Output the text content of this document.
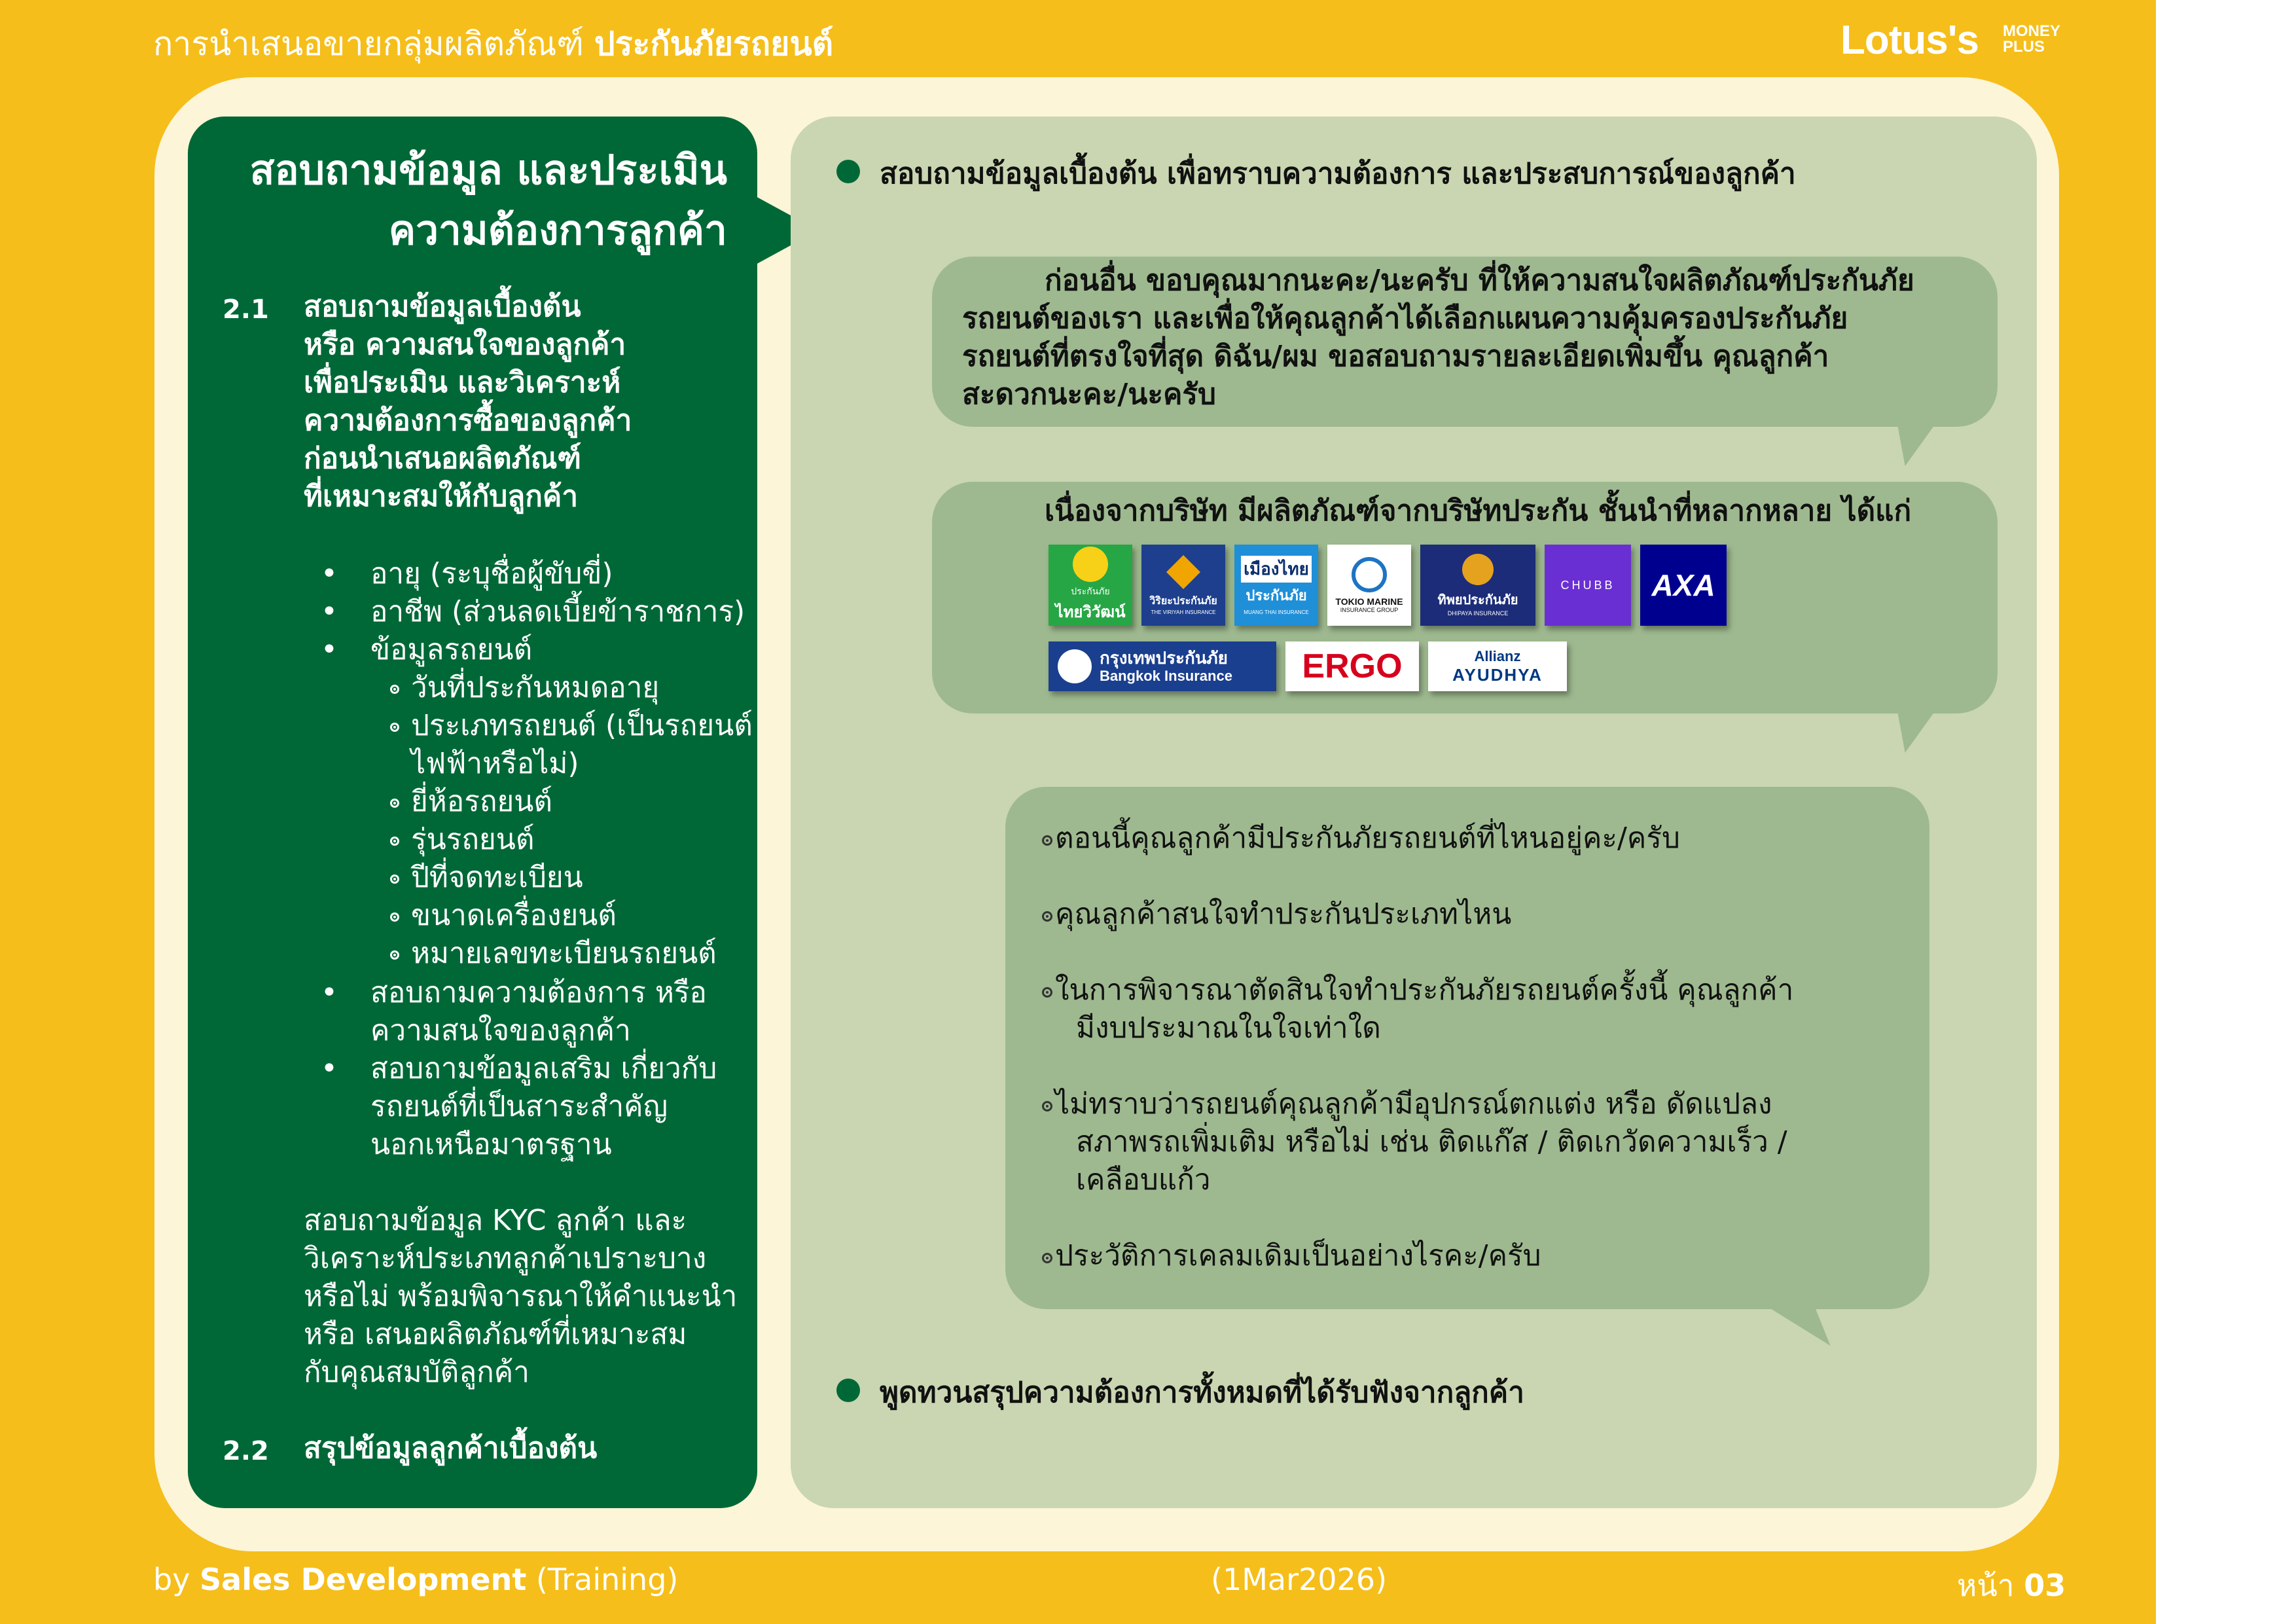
การนำเสนอขายกลุ่มผลิตภัณฑ์ ประกันภัยรถยนต์	Lotus's MONEY
PLUS
สอบถามข้อมูล และประเมิน
ความต้องการลูกค้า
2.1 สอบถามข้อมูลเบื้องต้น
หรือ ความสนใจของลูกค้า
เพื่อประเมิน และวิเคราะห์
ความต้องการซื้อของลูกค้า
ก่อนนำเสนอผลิตภัณฑ์
ที่เหมาะสมให้กับลูกค้า
• อายุ (ระบุชื่อผู้ขับขี่)
• อาชีพ (ส่วนลดเบี้ยข้าราชการ)
• ข้อมูลรถยนต์
วันที่ประกันหมดอายุ
ประเภทรถยนต์ (เป็นรถยนต์
ไฟฟ้าหรือไม่)
ยี่ห้อรถยนต์
รุ่นรถยนต์
ปีที่จดทะเบียน
ขนาดเครื่องยนต์
หมายเลขทะเบียนรถยนต์
• สอบถามความต้องการ หรือ
ความสนใจของลูกค้า
• สอบถามข้อมูลเสริม เกี่ยวกับ
รถยนต์ที่เป็นสาระสำคัญ
นอกเหนือมาตรฐาน
สอบถามข้อมูล KYC ลูกค้า และ
วิเคราะห์ประเภทลูกค้าเปราะบาง
หรือไม่ พร้อมพิจารณาให้คำแนะนำ
หรือ เสนอผลิตภัณฑ์ที่เหมาะสม
กับคุณสมบัติลูกค้า
2.2 สรุปข้อมูลลูกค้าเบื้องต้น
สอบถามข้อมูลเบื้องต้น เพื่อทราบความต้องการ และประสบการณ์ของลูกค้า
ก่อนอื่น ขอบคุณมากนะคะ/นะครับ ที่ให้ความสนใจผลิตภัณฑ์ประกันภัย
รถยนต์ของเรา และเพื่อให้คุณลูกค้าได้เลือกแผนความคุ้มครองประกันภัย
รถยนต์ที่ตรงใจที่สุด ดิฉัน/ผม ขอสอบถามรายละเอียดเพิ่มขึ้น คุณลูกค้า
สะดวกนะคะ/นะครับ
เนื่องจากบริษัท มีผลิตภัณฑ์จากบริษัทประกัน ชั้นนำที่หลากหลาย ได้แก่
ประกันภัย
ไทยวิวัฒน์
วิริยะประกันภัย
THE VIRIYAH INSURANCE
เมืองไทย
ประกันภัย
MUANG THAI INSURANCE
TOKIO MARINE
INSURANCE GROUP
ทิพยประกันภัย
DHIPAYA INSURANCE
CHUBB AXA
กรุงเทพประกันภัย
Bangkok Insurance ERGO	Allianz
AYUDHYA
ตอนนี้คุณลูกค้ามีประกันภัยรถยนต์ที่ไหนอยู่คะ/ครับ
คุณลูกค้าสนใจทำประกันประเภทไหน
ในการพิจารณาตัดสินใจทำประกันภัยรถยนต์ครั้งนี้ คุณลูกค้า
มีงบประมาณในใจเท่าใด
ไม่ทราบว่ารถยนต์คุณลูกค้ามีอุปกรณ์ตกแต่ง หรือ ดัดแปลง
สภาพรถเพิ่มเติม หรือไม่ เช่น ติดแก๊ส / ติดเกวัดความเร็ว /
เคลือบแก้ว
ประวัติการเคลมเดิมเป็นอย่างไรคะ/ครับ
พูดทวนสรุปความต้องการทั้งหมดที่ได้รับฟังจากลูกค้า
by Sales Development (Training)	(1Mar2026)	หน้า 03
